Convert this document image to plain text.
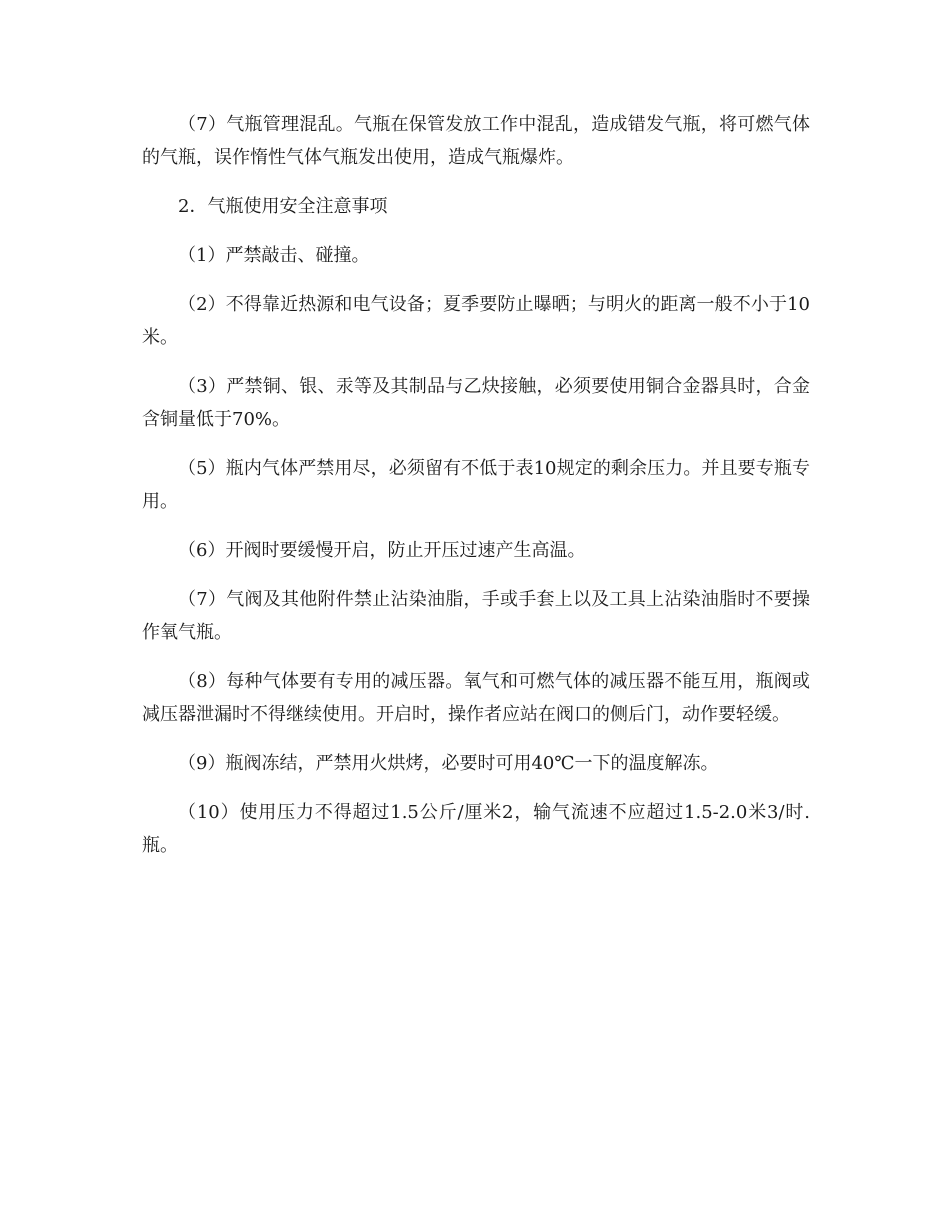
（7）气瓶管理混乱。气瓶在保管发放工作中混乱，造成错发气瓶，将可燃气体的气瓶，误作惰性气体气瓶发出使用，造成气瓶爆炸。

2．气瓶使用安全注意事项

（1）严禁敲击、碰撞。

（2）不得靠近热源和电气设备；夏季要防止曝晒；与明火的距离一般不小于10米。

（3）严禁铜、银、汞等及其制品与乙炔接触，必须要使用铜合金器具时，合金含铜量低于70%。

（5）瓶内气体严禁用尽，必须留有不低于表10规定的剩余压力。并且要专瓶专用。

（6）开阀时要缓慢开启，防止开压过速产生高温。

（7）气阀及其他附件禁止沾染油脂，手或手套上以及工具上沾染油脂时不要操作氧气瓶。

（8）每种气体要有专用的减压器。氧气和可燃气体的减压器不能互用，瓶阀或减压器泄漏时不得继续使用。开启时，操作者应站在阀口的侧后门，动作要轻缓。

（9）瓶阀冻结，严禁用火烘烤，必要时可用40℃一下的温度解冻。

（10）使用压力不得超过1.5公斤/厘米2，输气流速不应超过1.5-2.0米3/时.瓶。
